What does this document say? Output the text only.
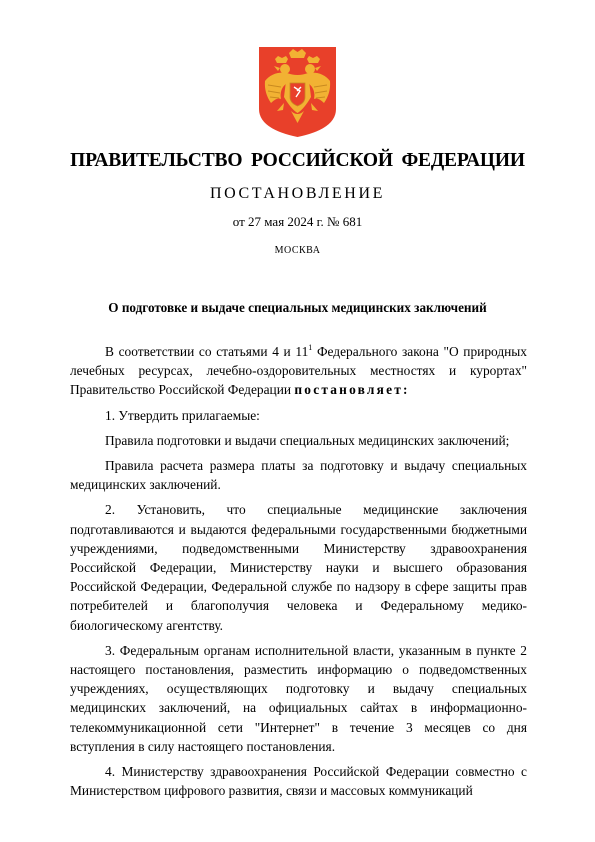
ПРАВИТЕЛЬСТВО РОССИЙСКОЙ ФЕДЕРАЦИИ
ПОСТАНОВЛЕНИЕ
от 27 мая 2024 г. № 681
МОСКВА
О подготовке и выдаче специальных медицинских заключений

В соответствии со статьями 4 и $11^1$ Федерального закона "О природных лечебных ресурсах, лечебно-оздоровительных местностях и курортах" Правительство Российской Федерации постановляет:

1. Утвердить прилагаемые:

Правила подготовки и выдачи специальных медицинских заключений;

Правила расчета размера платы за подготовку и выдачу специальных медицинских заключений.

2. Установить, что специальные медицинские заключения подготавливаются и выдаются федеральными государственными бюджетными учреждениями, подведомственными Министерству здравоохранения Российской Федерации, Министерству науки и высшего образования Российской Федерации, Федеральной службе по надзору в сфере защиты прав потребителей и благополучия человека и Федеральному медико-биологическому агентству.

3. Федеральным органам исполнительной власти, указанным в пункте 2 настоящего постановления, разместить информацию о подведомственных учреждениях, осуществляющих подготовку и выдачу специальных медицинских заключений, на официальных сайтах в информационно-телекоммуникационной сети "Интернет" в течение 3 месяцев со дня вступления в силу настоящего постановления.

4. Министерству здравоохранения Российской Федерации совместно с Министерством цифрового развития, связи и массовых коммуникаций
